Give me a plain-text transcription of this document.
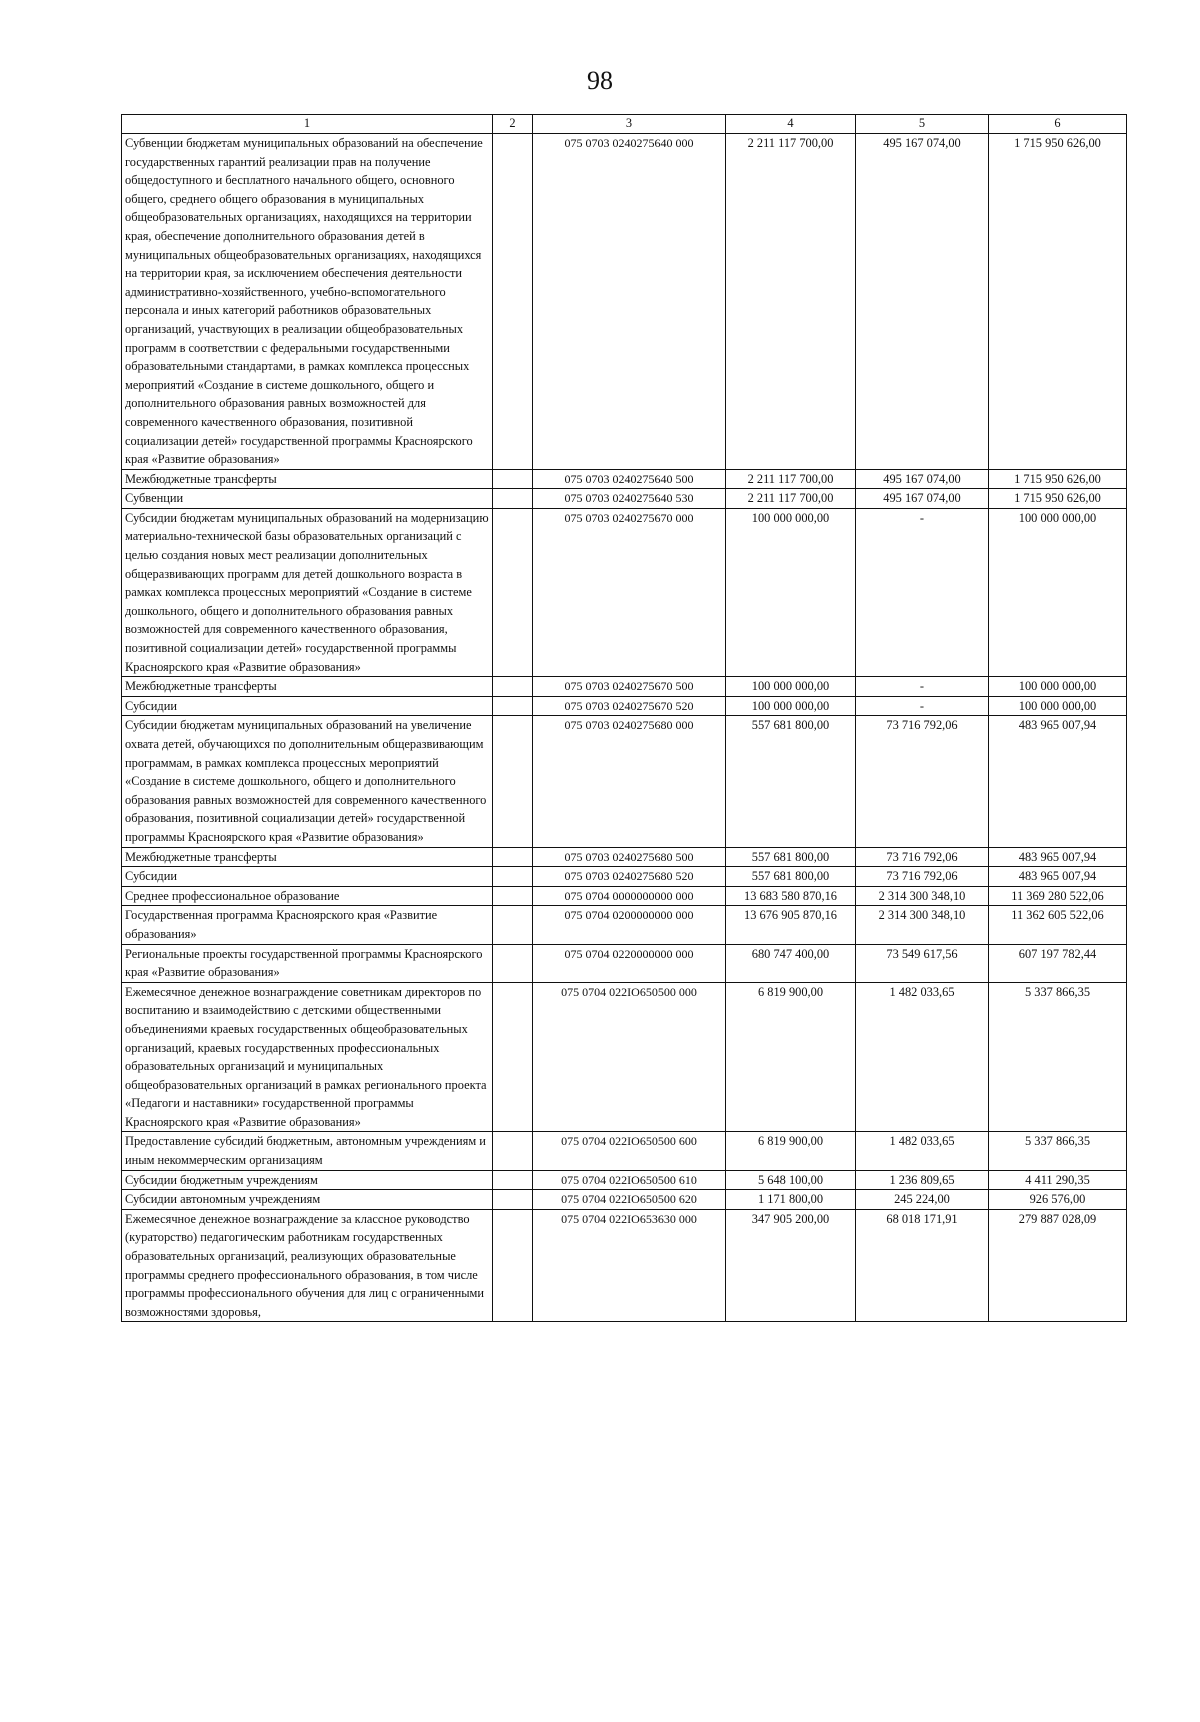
98
1	2	3	4	5	6
Субвенции бюджетам муниципальных образований на обеспечение государственных гарантий реализации прав на получение общедоступного и бесплатного начального общего, основного общего, среднего общего образования в муниципальных общеобразовательных организациях, находящихся на территории края, обеспечение дополнительного образования детей в муниципальных общеобразовательных организациях, находящихся на территории края, за исключением обеспечения деятельности административно-хозяйственного, учебно-вспомогательного персонала и иных категорий работников образовательных организаций, участвующих в реализации общеобразовательных программ в соответствии с федеральными государственными образовательными стандартами, в рамках комплекса процессных мероприятий «Создание в системе дошкольного, общего и дополнительного образования равных возможностей для современного качественного образования, позитивной социализации детей» государственной программы Красноярского края «Развитие образования»		075 0703 0240275640 000	2 211 117 700,00	495 167 074,00	1 715 950 626,00
Межбюджетные трансферты		075 0703 0240275640 500	2 211 117 700,00	495 167 074,00	1 715 950 626,00
Субвенции		075 0703 0240275640 530	2 211 117 700,00	495 167 074,00	1 715 950 626,00
Субсидии бюджетам муниципальных образований на модернизацию материально-технической базы образовательных организаций с целью создания новых мест реализации дополнительных общеразвивающих программ для детей дошкольного возраста в рамках комплекса процессных мероприятий «Создание в системе дошкольного, общего и дополнительного образования равных возможностей для современного качественного образования, позитивной социализации детей» государственной программы Красноярского края «Развитие образования»		075 0703 0240275670 000	100 000 000,00	-	100 000 000,00
Межбюджетные трансферты		075 0703 0240275670 500	100 000 000,00	-	100 000 000,00
Субсидии		075 0703 0240275670 520	100 000 000,00	-	100 000 000,00
Субсидии бюджетам муниципальных образований на увеличение охвата детей, обучающихся по дополнительным общеразвивающим программам, в рамках комплекса процессных мероприятий «Создание в системе дошкольного, общего и дополнительного образования равных возможностей для современного качественного образования, позитивной социализации детей» государственной программы Красноярского края «Развитие образования»		075 0703 0240275680 000	557 681 800,00	73 716 792,06	483 965 007,94
Межбюджетные трансферты		075 0703 0240275680 500	557 681 800,00	73 716 792,06	483 965 007,94
Субсидии		075 0703 0240275680 520	557 681 800,00	73 716 792,06	483 965 007,94
Среднее профессиональное образование		075 0704 0000000000 000	13 683 580 870,16	2 314 300 348,10	11 369 280 522,06
Государственная программа Красноярского края «Развитие образования»		075 0704 0200000000 000	13 676 905 870,16	2 314 300 348,10	11 362 605 522,06
Региональные проекты государственной программы Красноярского края «Развитие образования»		075 0704 0220000000 000	680 747 400,00	73 549 617,56	607 197 782,44
Ежемесячное денежное вознаграждение советникам директоров по воспитанию и взаимодействию с детскими общественными объединениями краевых государственных общеобразовательных организаций, краевых государственных профессиональных образовательных организаций и муниципальных общеобразовательных организаций в рамках регионального проекта «Педагоги и наставники» государственной программы Красноярского края «Развитие образования»		075 0704 022IО650500 000	6 819 900,00	1 482 033,65	5 337 866,35
Предоставление субсидий бюджетным, автономным учреждениям и иным некоммерческим организациям		075 0704 022IО650500 600	6 819 900,00	1 482 033,65	5 337 866,35
Субсидии бюджетным учреждениям		075 0704 022IО650500 610	5 648 100,00	1 236 809,65	4 411 290,35
Субсидии автономным учреждениям		075 0704 022IО650500 620	1 171 800,00	245 224,00	926 576,00
Ежемесячное денежное вознаграждение за классное руководство (кураторство) педагогическим работникам государственных образовательных организаций, реализующих образовательные программы среднего профессионального образования, в том числе программы профессионального обучения для лиц с ограниченными возможностями здоровья,		075 0704 022IО653630 000	347 905 200,00	68 018 171,91	279 887 028,09
